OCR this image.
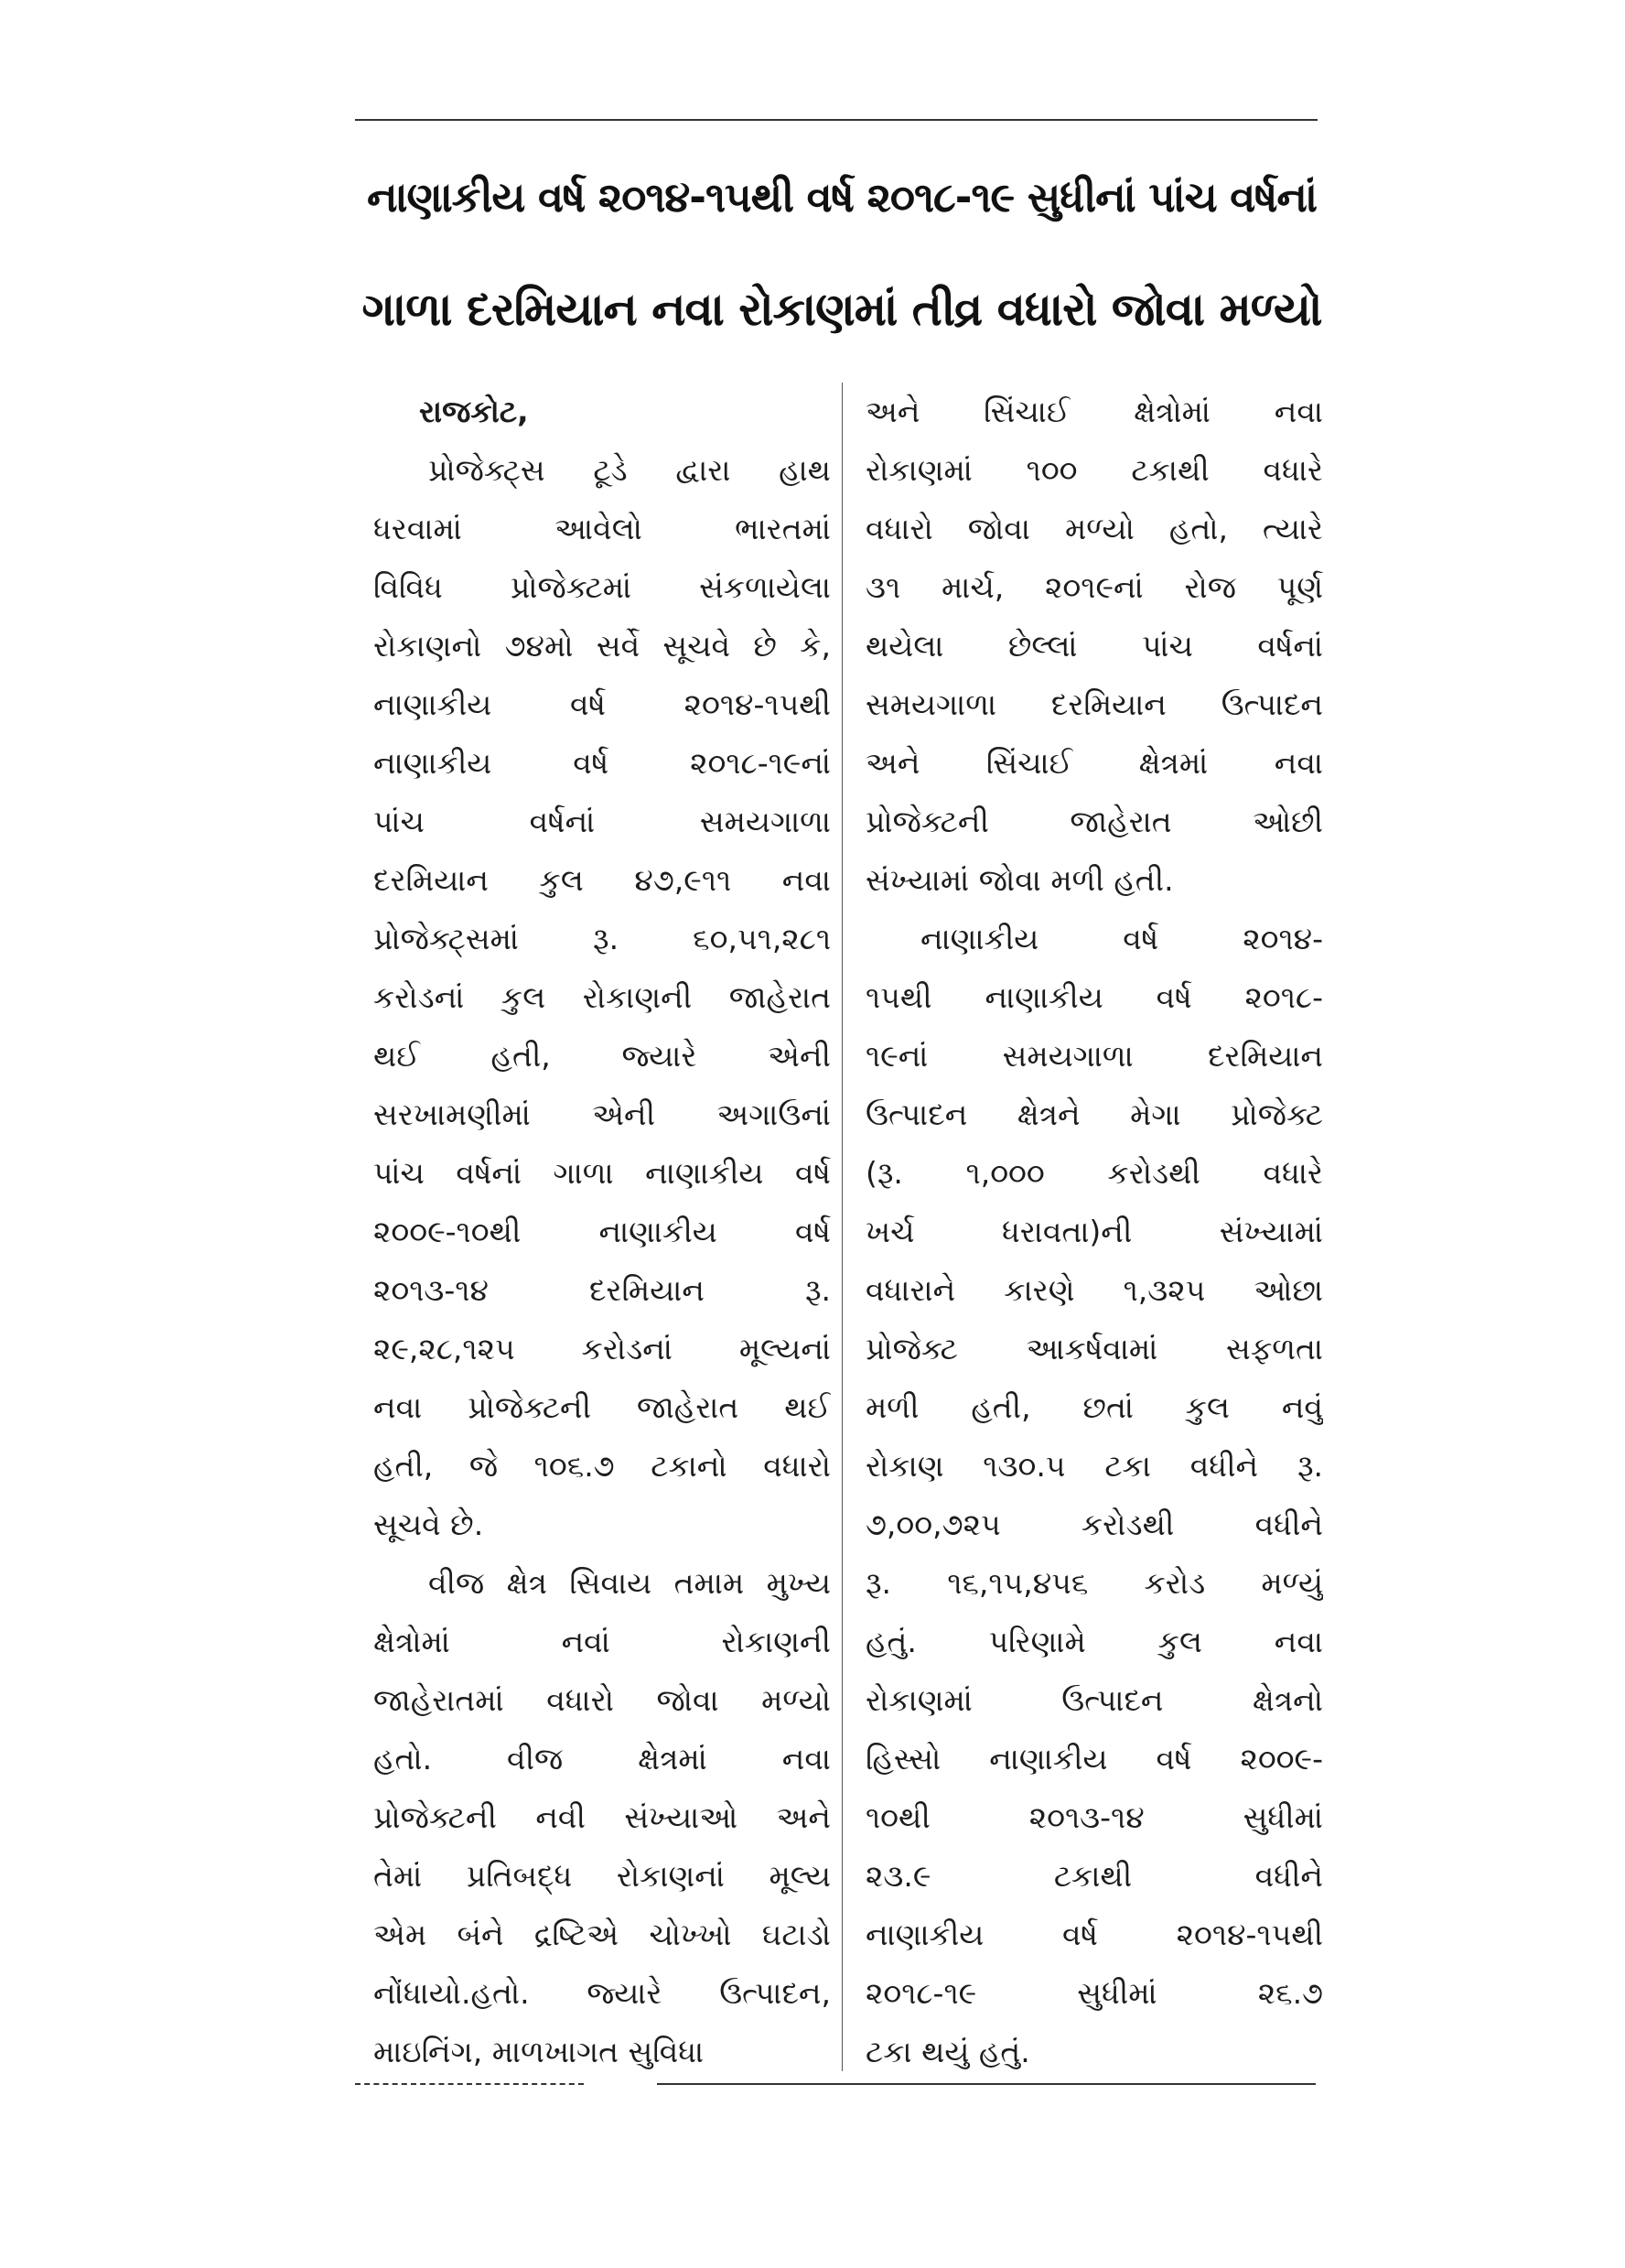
નાણાકીય વર્ષ ૨૦૧૪-૧૫થી વર્ષ ૨૦૧૮-૧૯ સુધીનાં પાંચ વર્ષનાં
ગાળા દરમિયાન નવા રોકાણમાં તીવ્ર વધારો જોવા મળ્યો
રાજકોટ,
પ્રોજેક્ટ્સ ટૂડે દ્વારા હાથ
ધરવામાં આવેલો ભારતમાં
વિવિધ પ્રોજેક્ટમાં સંકળાયેલા
રોકાણનો ૭૪મો સર્વે સૂચવે છે કે,
નાણાકીય વર્ષ ૨૦૧૪-૧૫થી
નાણાકીય વર્ષ ૨૦૧૮-૧૯નાં
પાંચ વર્ષનાં સમયગાળા
દરમિયાન કુલ ૪૭,૯૧૧ નવા
પ્રોજેક્ટ્સમાં રૂ. ૬૦,૫૧,૨૮૧
કરોડનાં કુલ રોકાણની જાહેરાત
થઈ હતી, જ્યારે એની
સરખામણીમાં એની અગાઉનાં
પાંચ વર્ષનાં ગાળા નાણાકીય વર્ષ
૨૦૦૯-૧૦થી નાણાકીય વર્ષ
૨૦૧૩-૧૪ દરમિયાન રૂ.
૨૯,૨૮,૧૨૫ કરોડનાં મૂલ્યનાં
નવા પ્રોજેક્ટની જાહેરાત થઈ
હતી, જે ૧૦૬.૭ ટકાનો વધારો
સૂચવે છે.
વીજ ક્ષેત્ર સિવાય તમામ મુખ્ય
ક્ષેત્રોમાં નવાં રોકાણની
જાહેરાતમાં વધારો જોવા મળ્યો
હતો. વીજ ક્ષેત્રમાં નવા
પ્રોજેક્ટની નવી સંખ્યાઓ અને
તેમાં પ્રતિબદ્ધ રોકાણનાં મૂલ્ય
એમ બંને દ્રષ્ટિએ ચોખ્ખો ઘટાડો
નોંધાયો.હતો. જ્યારે ઉત્પાદન,
માઇનિંગ, માળખાગત સુવિધા
અને સિંચાઈ ક્ષેત્રોમાં નવા
રોકાણમાં ૧૦૦ ટકાથી વધારે
વધારો જોવા મળ્યો હતો, ત્યારે
૩૧ માર્ચ, ૨૦૧૯નાં રોજ પૂર્ણ
થયેલા છેલ્લાં પાંચ વર્ષનાં
સમયગાળા દરમિયાન ઉત્પાદન
અને સિંચાઈ ક્ષેત્રમાં નવા
પ્રોજેક્ટની જાહેરાત ઓછી
સંખ્યામાં જોવા મળી હતી.
નાણાકીય વર્ષ ૨૦૧૪-
૧૫થી નાણાકીય વર્ષ ૨૦૧૮-
૧૯નાં સમયગાળા દરમિયાન
ઉત્પાદન ક્ષેત્રને મેગા પ્રોજેક્ટ
(રૂ. ૧,૦૦૦ કરોડથી વધારે
ખર્ચ ધરાવતા)ની સંખ્યામાં
વધારાને કારણે ૧,૩૨૫ ઓછા
પ્રોજેક્ટ આકર્ષવામાં સફળતા
મળી હતી, છતાં કુલ નવું
રોકાણ ૧૩૦.૫ ટકા વધીને રૂ.
૭,૦૦,૭૨૫ કરોડથી વધીને
રૂ. ૧૬,૧૫,૪૫૬ કરોડ મળ્યું
હતું. પરિણામે કુલ નવા
રોકાણમાં ઉત્પાદન ક્ષેત્રનો
હિસ્સો નાણાકીય વર્ષ ૨૦૦૯-
૧૦થી ૨૦૧૩-૧૪ સુધીમાં
૨૩.૯ ટકાથી વધીને
નાણાકીય વર્ષ ૨૦૧૪-૧૫થી
૨૦૧૮-૧૯ સુધીમાં ૨૬.૭
ટકા થયું હતું.
